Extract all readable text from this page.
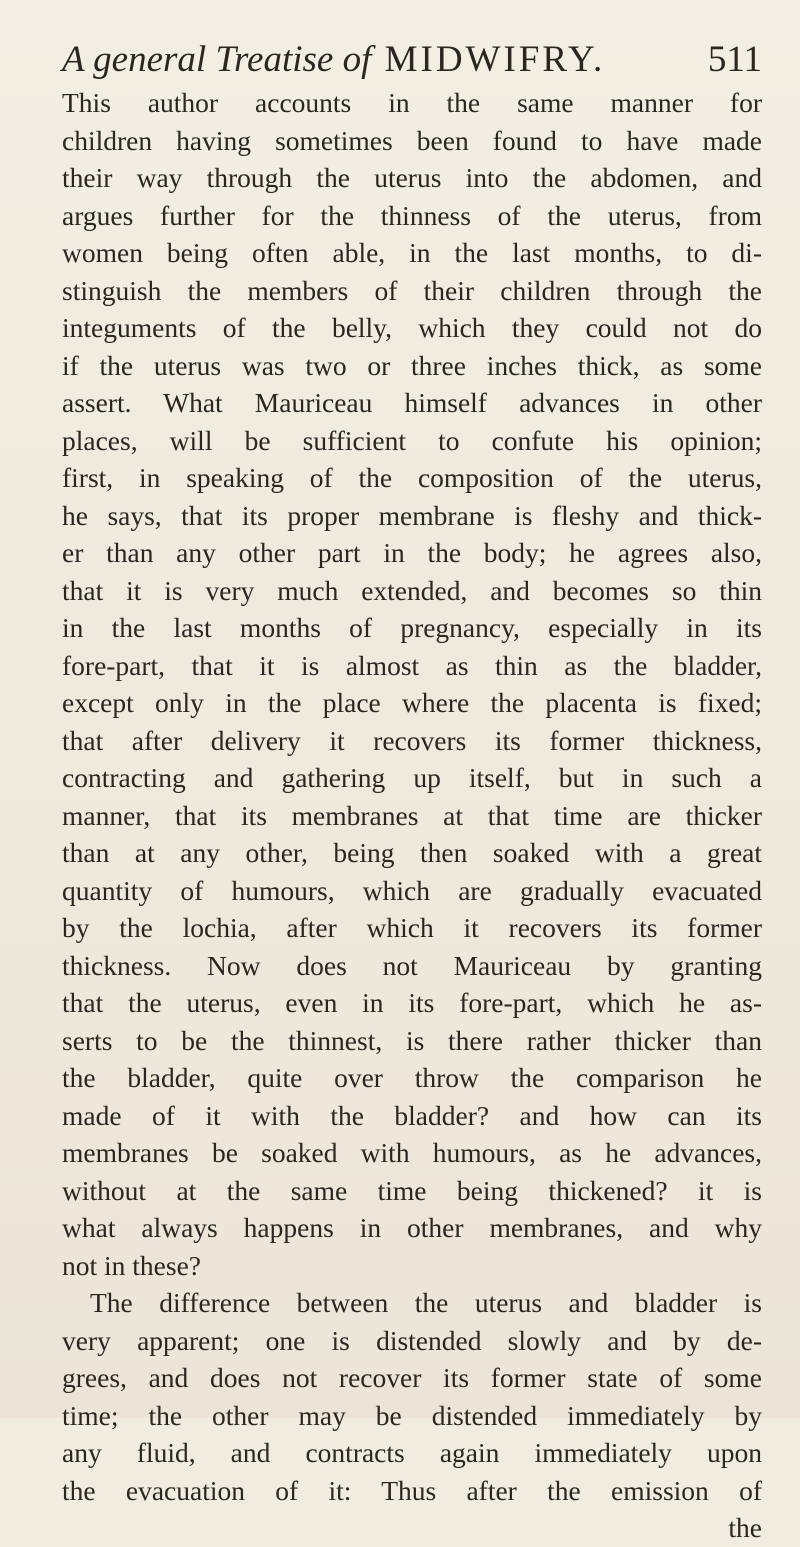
A general Treatise of MIDWIFRY.	511
This author accounts in the same manner for
children having sometimes been found to have made
their way through the uterus into the abdomen, and
argues further for the thinness of the uterus, from
women being often able, in the last months, to di-
stinguish the members of their children through the
integuments of the belly, which they could not do
if the uterus was two or three inches thick, as some
assert. What Mauriceau himself advances in other
places, will be sufficient to confute his opinion;
first, in speaking of the composition of the uterus,
he says, that its proper membrane is fleshy and thick-
er than any other part in the body; he agrees also,
that it is very much extended, and becomes so thin
in the last months of pregnancy, especially in its
fore-part, that it is almost as thin as the bladder,
except only in the place where the placenta is fixed;
that after delivery it recovers its former thickness,
contracting and gathering up itself, but in such a
manner, that its membranes at that time are thicker
than at any other, being then soaked with a great
quantity of humours, which are gradually evacuated
by the lochia, after which it recovers its former
thickness. Now does not Mauriceau by granting
that the uterus, even in its fore-part, which he as-
serts to be the thinnest, is there rather thicker than
the bladder, quite over throw the comparison he
made of it with the bladder? and how can its
membranes be soaked with humours, as he advances,
without at the same time being thickened? it is
what always happens in other membranes, and why
not in these?
The difference between the uterus and bladder is
very apparent; one is distended slowly and by de-
grees, and does not recover its former state of some
time; the other may be distended immediately by
any fluid, and contracts again immediately upon
the evacuation of it: Thus after the emission of
the
